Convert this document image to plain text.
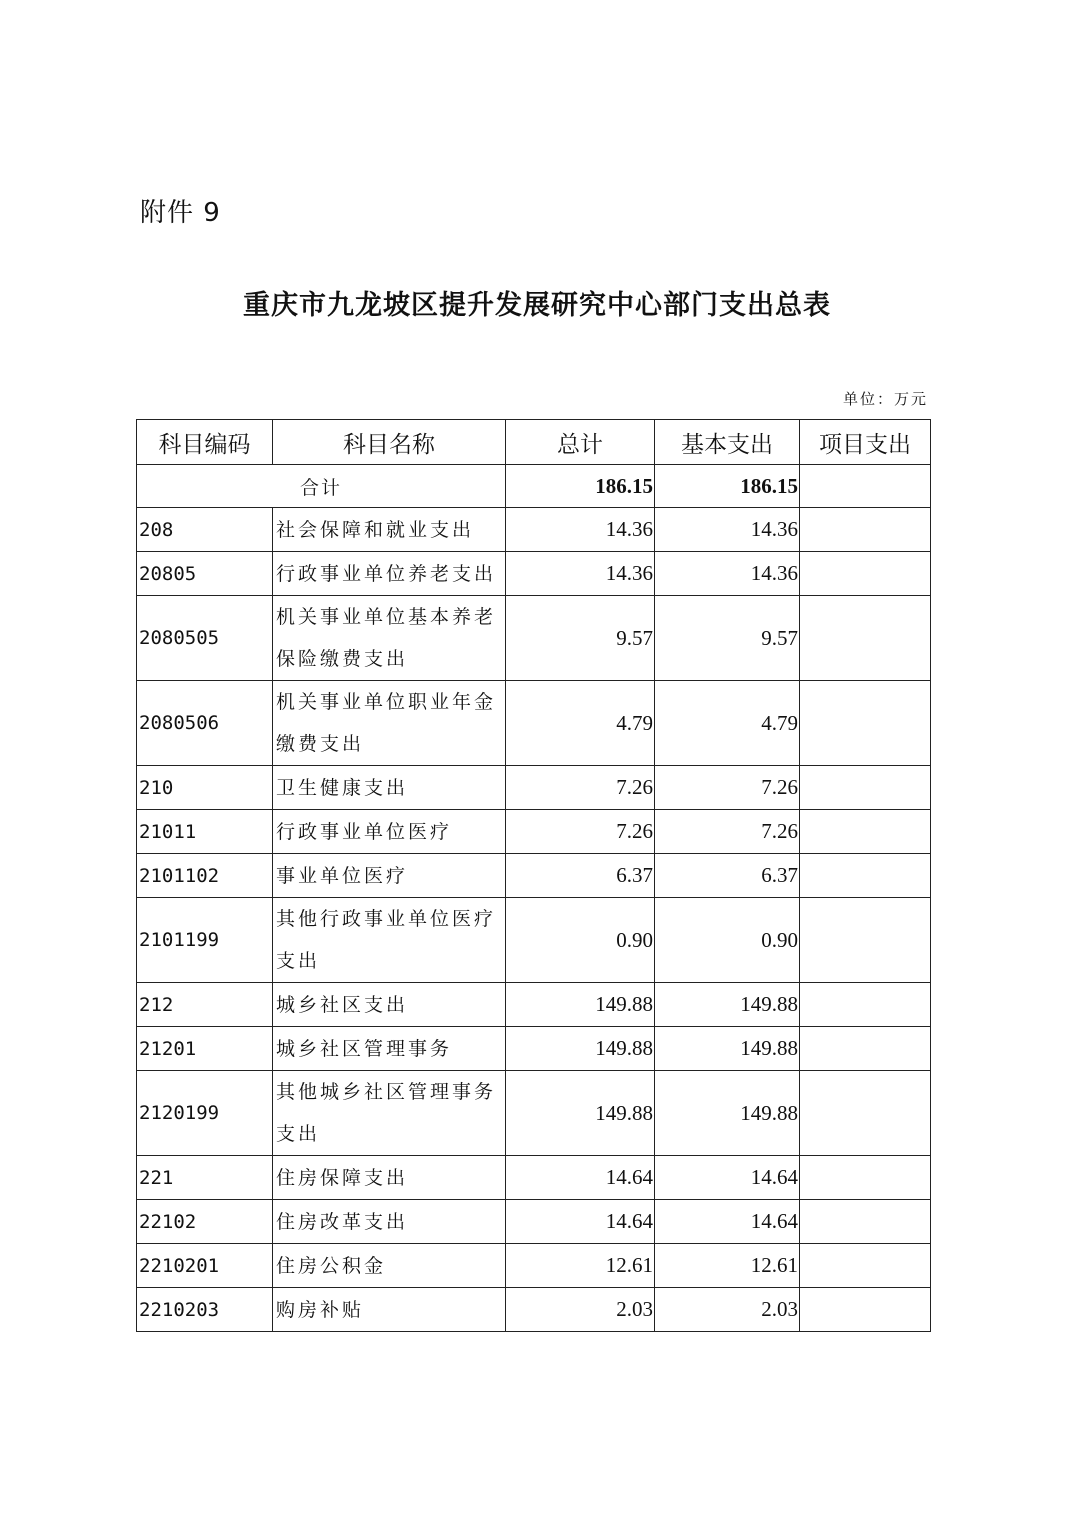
附件 9
重庆市九龙坡区提升发展研究中心部门支出总表
单位：万元
科目编码	科目名称	总计	基本支出	项目支出
合计		186.15	186.15	
208	社会保障和就业支出	14.36	14.36	
20805	行政事业单位养老支出	14.36	14.36	
2080505	机关事业单位基本养老保险缴费支出	9.57	9.57	
2080506	机关事业单位职业年金缴费支出	4.79	4.79	
210	卫生健康支出	7.26	7.26	
21011	行政事业单位医疗	7.26	7.26	
2101102	事业单位医疗	6.37	6.37	
2101199	其他行政事业单位医疗支出	0.90	0.90	
212	城乡社区支出	149.88	149.88	
21201	城乡社区管理事务	149.88	149.88	
2120199	其他城乡社区管理事务支出	149.88	149.88	
221	住房保障支出	14.64	14.64	
22102	住房改革支出	14.64	14.64	
2210201	住房公积金	12.61	12.61	
2210203	购房补贴	2.03	2.03	
